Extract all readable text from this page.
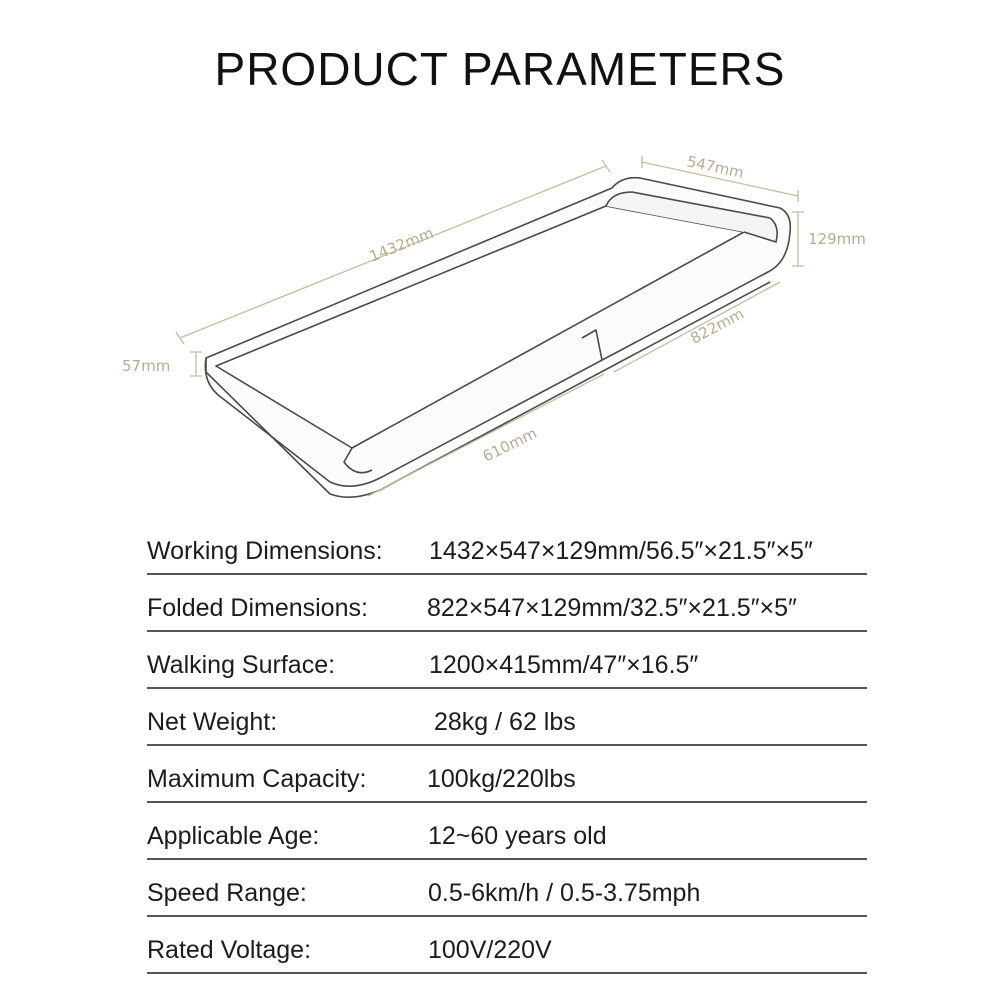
PRODUCT PARAMETERS
1432mm
547mm
129mm
57mm
822mm
610mm
Working Dimensions: 1432×547×129mm/56.5″×21.5″×5″
Folded Dimensions: 822×547×129mm/32.5″×21.5″×5″
Walking Surface:	1200×415mm/47″×16.5″
Net Weight:	28kg / 62 lbs
Maximum Capacity: 100kg/220lbs
Applicable Age:	12~60 years old
Speed Range:	0.5-6km/h / 0.5-3.75mph
Rated Voltage:	100V/220V
